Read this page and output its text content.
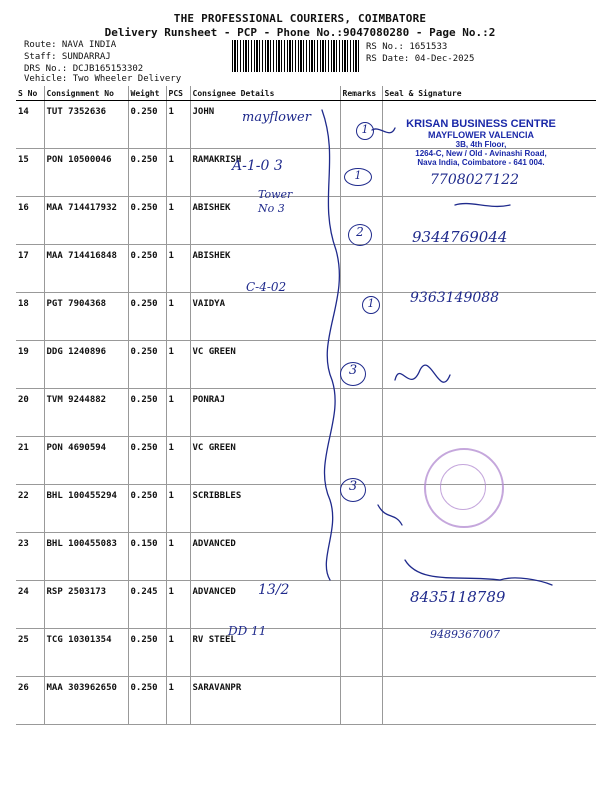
THE PROFESSIONAL COURIERS, COIMBATORE
Delivery Runsheet - PCP - Phone No.:9047080280 - Page No.:2
Route: NAVA INDIA
Staff: SUNDARRAJ
DRS No.: DCJB165153302
Vehicle: Two Wheeler Delivery
RS No.: 1651533
RS Date: 04-Dec-2025
S No	Consignment No	Weight	PCS	Consignee Details	Remarks	Seal & Signature
14	TUT 7352636	0.250	1	JOHN		
15	PON 10500046	0.250	1	RAMAKRISH		
16	MAA 714417932	0.250	1	ABISHEK		
17	MAA 714416848	0.250	1	ABISHEK		
18	PGT 7904368	0.250	1	VAIDYA		
19	DDG 1240896	0.250	1	VC GREEN		
20	TVM 9244882	0.250	1	PONRAJ		
21	PON 4690594	0.250	1	VC GREEN		
22	BHL 100455294	0.250	1	SCRIBBLES		
23	BHL 100455083	0.150	1	ADVANCED		
24	RSP 2503173	0.245	1	ADVANCED		
25	TCG 10301354	0.250	1	RV STEEL		
26	MAA 303962650	0.250	1	SARAVANPR		
KRISAN BUSINESS CENTRE
MAYFLOWER VALENCIA
3B, 4th Floor,
1264-C, New / Old - Avinashi Road,
Nava India, Coimbatore - 641 004.
mayflower
A-1-0 3
Tower No 3
7708027122
9344769044
C-4-02
9363149088
13/2	8435118789
9489367007
DD 11
1
1
2
1
3
3
